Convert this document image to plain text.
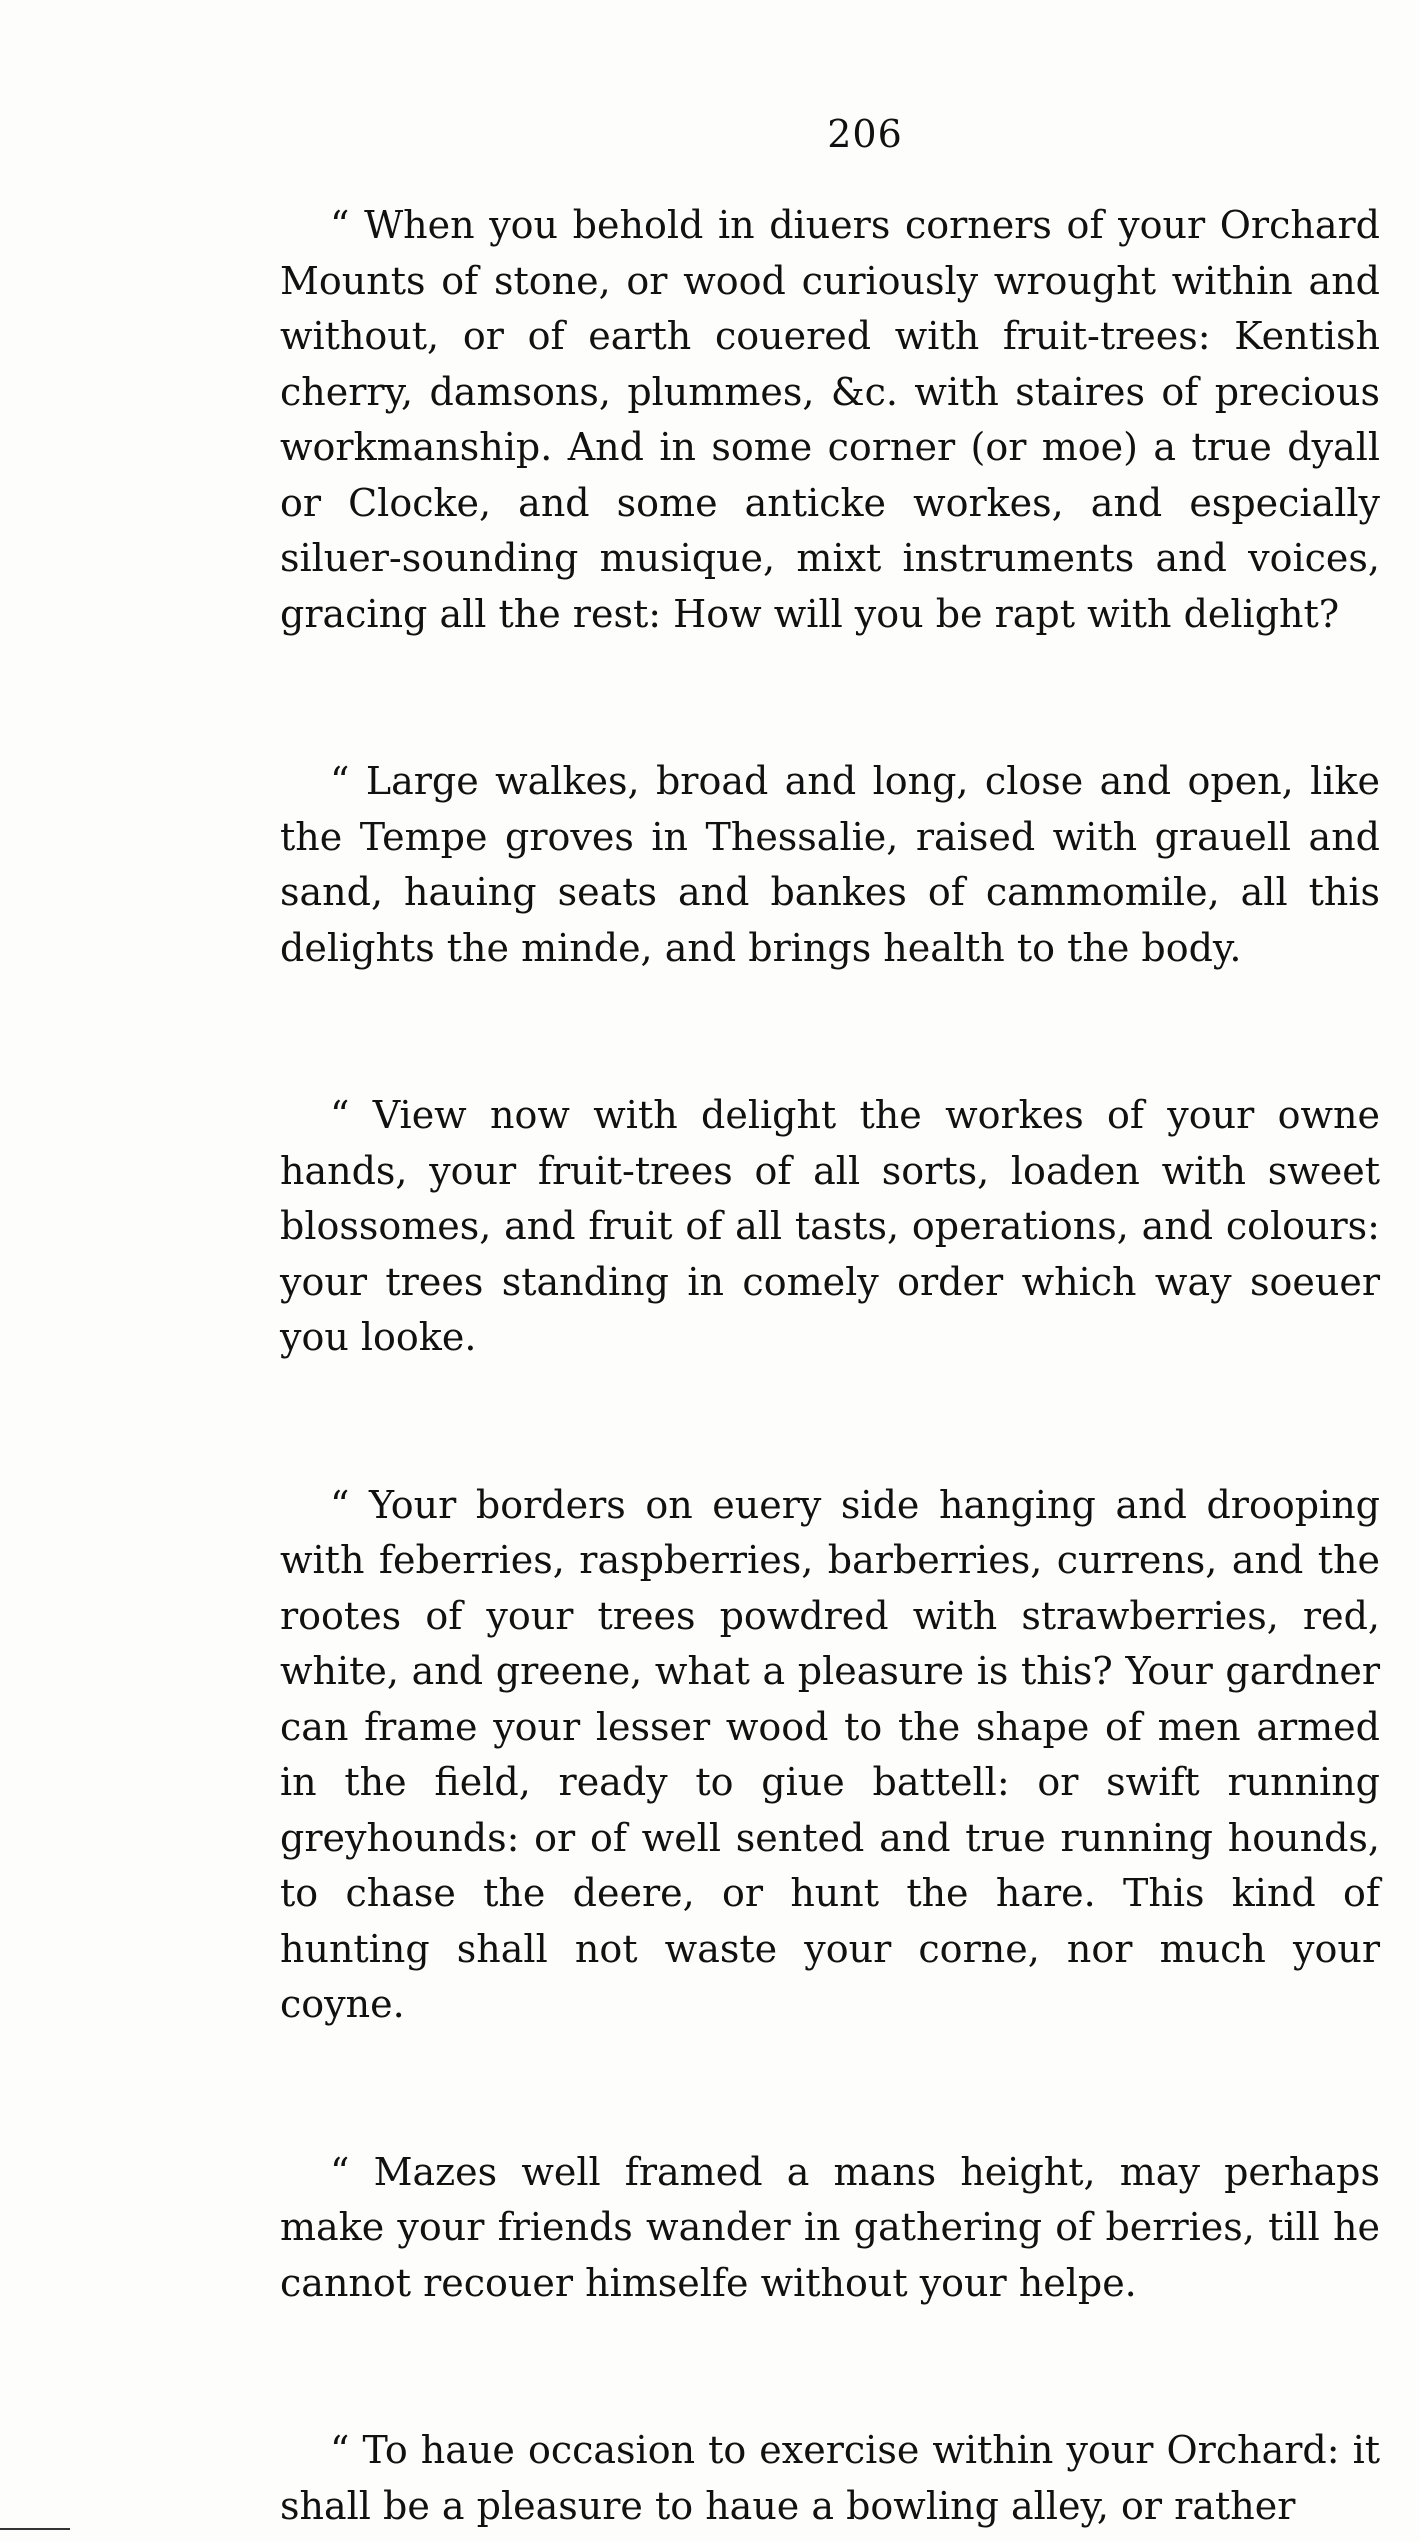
206

“ When you behold in diuers corners of your Orchard Mounts of stone, or wood curiously wrought within and without, or of earth couered with fruit-trees: Kentish cherry, damsons, plummes, &c. with staires of precious workmanship. And in some corner (or moe) a true dyall or Clocke, and some anticke workes, and especially siluer-sounding musique, mixt instruments and voices, gracing all the rest: How will you be rapt with delight?

“ Large walkes, broad and long, close and open, like the Tempe groves in Thessalie, raised with grauell and sand, hauing seats and bankes of cammomile, all this delights the minde, and brings health to the body.

“ View now with delight the workes of your owne hands, your fruit-trees of all sorts, loaden with sweet blossomes, and fruit of all tasts, operations, and colours: your trees standing in comely order which way soeuer you looke.

“ Your borders on euery side hanging and drooping with feberries, raspberries, barberries, currens, and the rootes of your trees powdred with strawberries, red, white, and greene, what a pleasure is this? Your gardner can frame your lesser wood to the shape of men armed in the field, ready to giue battell: or swift running greyhounds: or of well sented and true running hounds, to chase the deere, or hunt the hare. This kind of hunting shall not waste your corne, nor much your coyne.

“ Mazes well framed a mans height, may perhaps make your friends wander in gathering of berries, till he cannot recouer himselfe without your helpe.

“ To haue occasion to exercise within your Orchard: it shall be a pleasure to haue a bowling alley, or rather
